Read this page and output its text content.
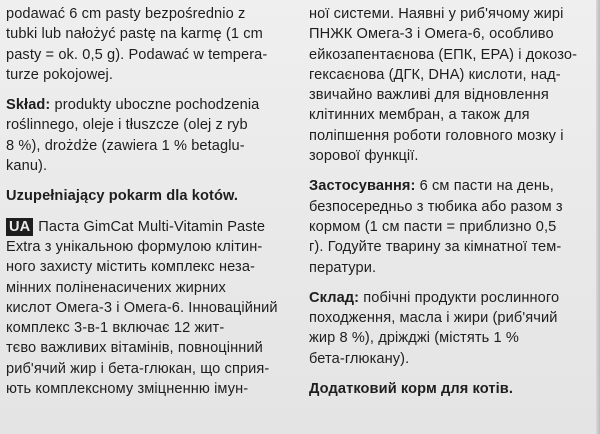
podawać 6 cm pasty bezpośrednio z
tubki lub nałożyć pastę na karmę (1 cm
pasty = ok. 0,5 g). Podawać w tempera-
turze pokojowej.
Skład: produkty uboczne pochodzenia
roślinnego, oleje i tłuszcze (olej z ryb
8 %), drożdże (zawiera 1 % betaglu-
kanu).
Uzupełniający pokarm dla kotów.
UA Паста GimCat Multi-Vitamin Paste
Extra з унікальною формулою клітин-
ного захисту містить комплекс неза-
мінних поліненасичених жирних
кислот Омега-3 і Омега-6. Інноваційний
комплекс 3-в-1 включає 12 жит-
тєво важливих вітамінів, повноцінний
риб'ячий жир і бета-глюкан, що сприя-
ють комплексному зміцненню імун-
ної системи. Наявні у риб'ячому жирі
ПНЖК Омега-3 і Омега-6, особливо
ейкозапентаєнова (ЕПК, EPA) і докозо-
гексаєнова (ДГК, DHA) кислоти, над-
звичайно важливі для відновлення
клітинних мембран, а також для
поліпшення роботи головного мозку і
зорової функції.
Застосування: 6 см пасти на день,
безпосередньо з тюбика або разом з
кормом (1 см пасти = приблизно 0,5
г). Годуйте тварину за кімнатної тем-
ператури.
Склад: побічні продукти рослинного
походження, масла і жири (риб'ячий
жир 8 %), дріжджі (містять 1 %
бета-глюкану).
Додатковий корм для котів.
